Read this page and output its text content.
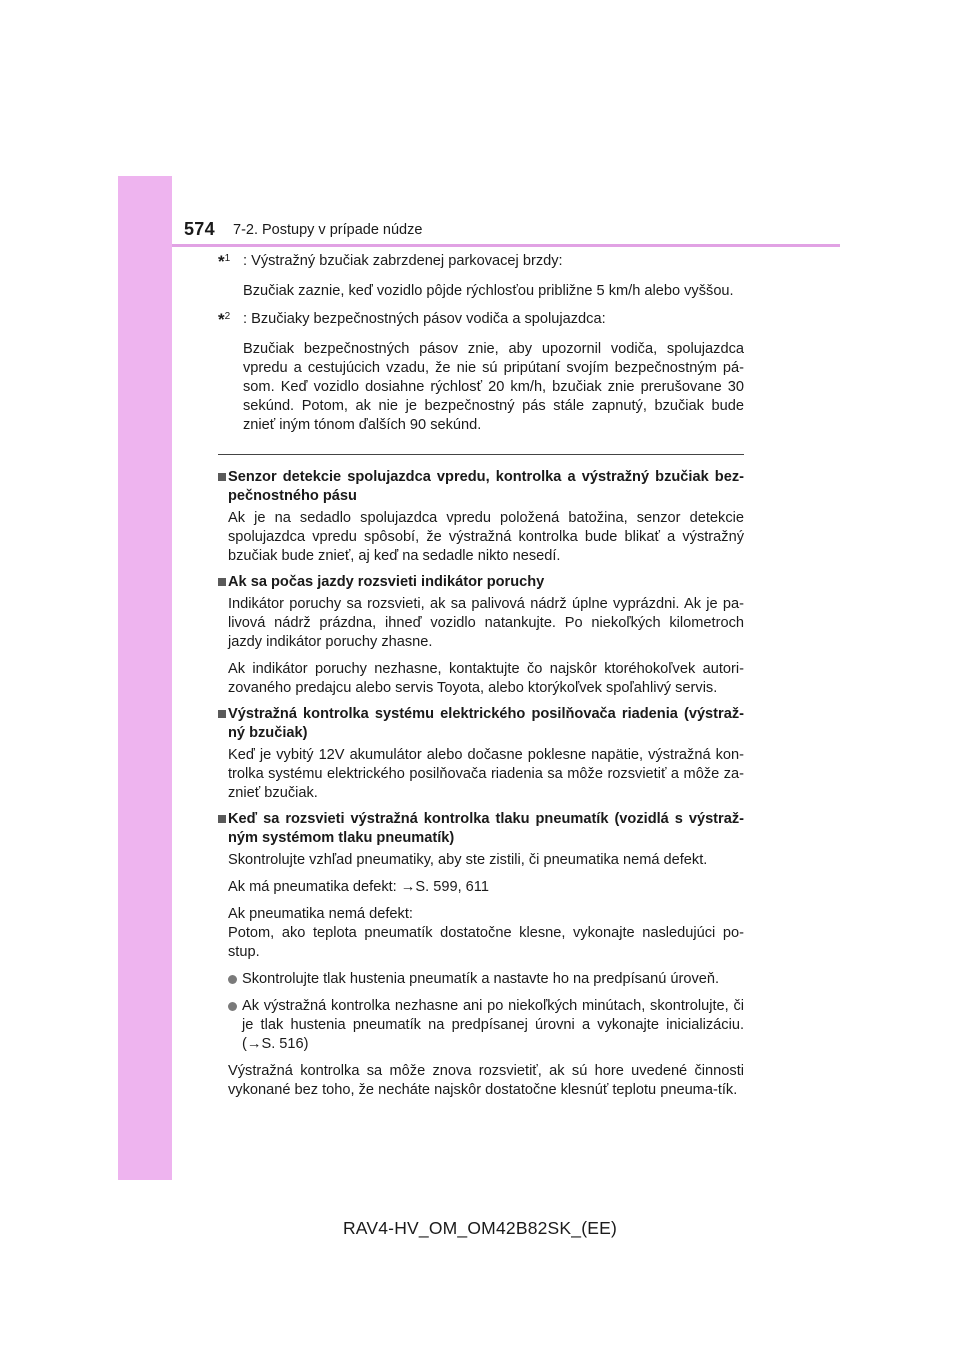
574 7-2. Postupy v prípade núdze

*$^1$ : Výstražný bzučiak zabrzdenej parkovacej brzdy:

Bzučiak zaznie, keď vozidlo pôjde rýchlosťou približne 5 km/h alebo vyššou.

*$^2$ : Bzučiaky bezpečnostných pásov vodiča a spolujazdca:

Bzučiak bezpečnostných pásov znie, aby upozornil vodiča, spolujazdca vpredu a cestujúcich vzadu, že nie sú pripútaní svojím bezpečnostným pá-som. Keď vozidlo dosiahne rýchlosť 20 km/h, bzučiak znie prerušovane 30 sekúnd. Potom, ak nie je bezpečnostný pás stále zapnutý, bzučiak bude znieť iným tónom ďalších 90 sekúnd.

Senzor detekcie spolujazdca vpredu, kontrolka a výstražný bzučiak bez-pečnostného pásu

Ak je na sedadlo spolujazdca vpredu položená batožina, senzor detekcie spolujazdca vpredu spôsobí, že výstražná kontrolka bude blikať a výstražný bzučiak bude znieť, aj keď na sedadle nikto nesedí.

Ak sa počas jazdy rozsvieti indikátor poruchy

Indikátor poruchy sa rozsvieti, ak sa palivová nádrž úplne vyprázdni. Ak je pa-livová nádrž prázdna, ihneď vozidlo natankujte. Po niekoľkých kilometroch jazdy indikátor poruchy zhasne.

Ak indikátor poruchy nezhasne, kontaktujte čo najskôr ktoréhokoľvek autori-zovaného predajcu alebo servis Toyota, alebo ktorýkoľvek spoľahlivý servis.

Výstražná kontrolka systému elektrického posilňovača riadenia (výstraž-ný bzučiak)

Keď je vybitý 12V akumulátor alebo dočasne poklesne napätie, výstražná kon-trolka systému elektrického posilňovača riadenia sa môže rozsvietiť a môže za-znieť bzučiak.

Keď sa rozsvieti výstražná kontrolka tlaku pneumatík (vozidlá s výstraž-ným systémom tlaku pneumatík)

Skontrolujte vzhľad pneumatiky, aby ste zistili, či pneumatika nemá defekt.

Ak má pneumatika defekt: →S. 599, 611

Ak pneumatika nemá defekt:

Potom, ako teplota pneumatík dostatočne klesne, vykonajte nasledujúci po-stup.

Skontrolujte tlak hustenia pneumatík a nastavte ho na predpísanú úroveň.

Ak výstražná kontrolka nezhasne ani po niekoľkých minútach, skontrolujte, či je tlak hustenia pneumatík na predpísanej úrovni a vykonajte inicializáciu. (→S. 516)

Výstražná kontrolka sa môže znova rozsvietiť, ak sú hore uvedené činnosti vykonané bez toho, že necháte najskôr dostatočne klesnúť teplotu pneuma-tík.

RAV4-HV_OM_OM42B82SK_(EE)
